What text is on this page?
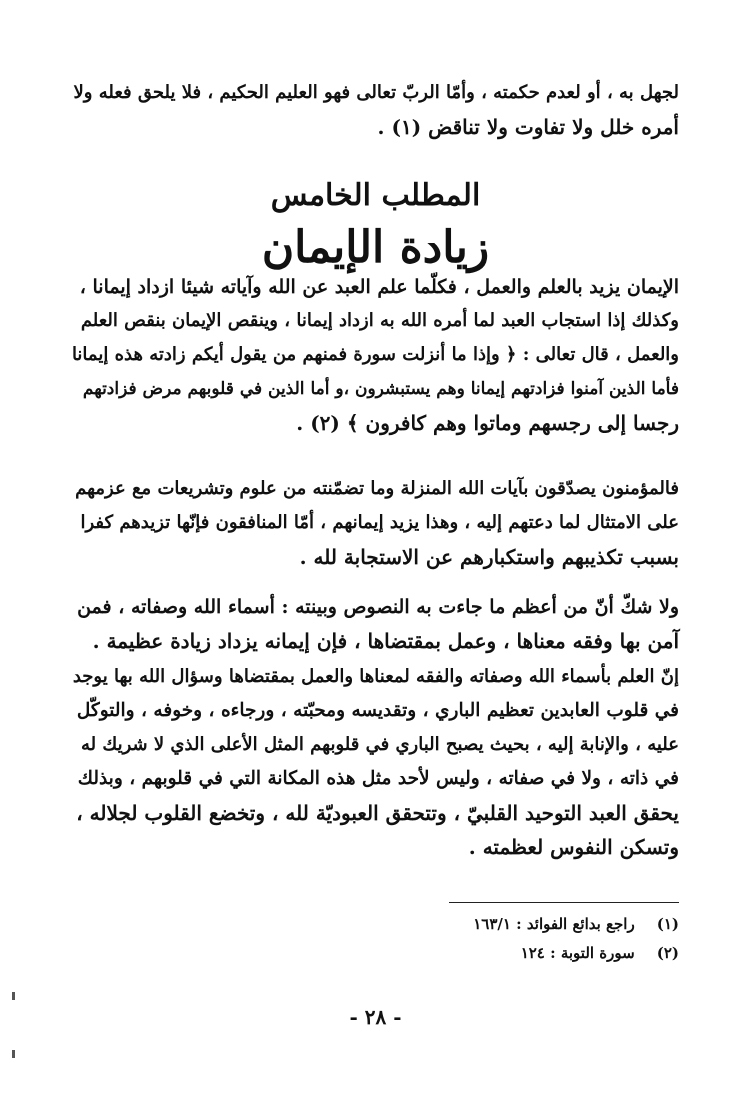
لجهل به ، أو لعدم حكمته ، وأمّا الربّ تعالى فهو العليم الحكيم ، فلا يلحق فعله ولا
أمره خلل ولا تفاوت ولا تناقض (١) .
المطلب الخامس
زيادة الإيمان
الإيمان يزيد بالعلم والعمل ، فكلّما علم العبد عن الله وآياته شيئا ازداد إيمانا ،
وكذلك إذا استجاب العبد لما أمره الله به ازداد إيمانا ، وينقص الإيمان بنقص العلم
والعمل ، قال تعالى : ﴿ وإذا ما أنزلت سورة فمنهم من يقول أيكم زادته هذه إيمانا
فأما الذين آمنوا فزادتهم إيمانا وهم يستبشرون ،و أما الذين في قلوبهم مرض فزادتهم
رجسا إلى رجسهم وماتوا وهم كافرون ﴾ (٢) .
فالمؤمنون يصدّقون بآيات الله المنزلة وما تضمّنته من علوم وتشريعات مع عزمهم
على الامتثال لما دعتهم إليه ، وهذا يزيد إيمانهم ، أمّا المنافقون فإنّها تزيدهم كفرا
بسبب تكذيبهم واستكبارهم عن الاستجابة لله .
ولا شكّ أنّ من أعظم ما جاءت به النصوص وبينته : أسماء الله وصفاته ، فمن
آمن بها وفقه معناها ، وعمل بمقتضاها ، فإن إيمانه يزداد زيادة عظيمة .
إنّ العلم بأسماء الله وصفاته والفقه لمعناها والعمل بمقتضاها وسؤال الله بها يوجد
في قلوب العابدين تعظيم الباري ، وتقديسه ومحبّته ، ورجاءه ، وخوفه ، والتوكّل
عليه ، والإنابة إليه ، بحيث يصبح الباري في قلوبهم المثل الأعلى الذي لا شريك له
في ذاته ، ولا في صفاته ، وليس لأحد مثل هذه المكانة التي في قلوبهم ، وبذلك
يحقق العبد التوحيد القلبيّ ، وتتحقق العبوديّة لله ، وتخضع القلوب لجلاله ،
وتسكن النفوس لعظمته .
(١)
راجع بدائع الفوائد : ١٦٣/١
(٢)
سورة التوبة : ١٢٤
- ٢٨ -
